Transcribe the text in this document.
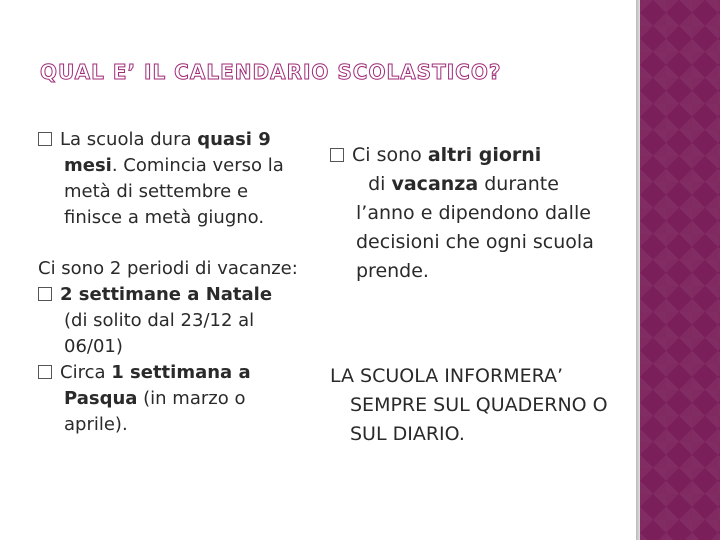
QUAL E’ IL CALENDARIO SCOLASTICO?
La scuola dura quasi 9 mesi. Comincia verso la metà di settembre e finisce a metà giugno.
Ci sono 2 periodi di vacanze:
2 settimane a Natale
(di solito dal 23/12 al 06/01)
Circa 1 settimana a Pasqua (in marzo o aprile).
Ci sono altri giorni  di vacanza durante l’anno e dipendono dalle decisioni che ogni scuola prende.
LA SCUOLA INFORMERA’ SEMPRE SUL QUADERNO O SUL DIARIO.
